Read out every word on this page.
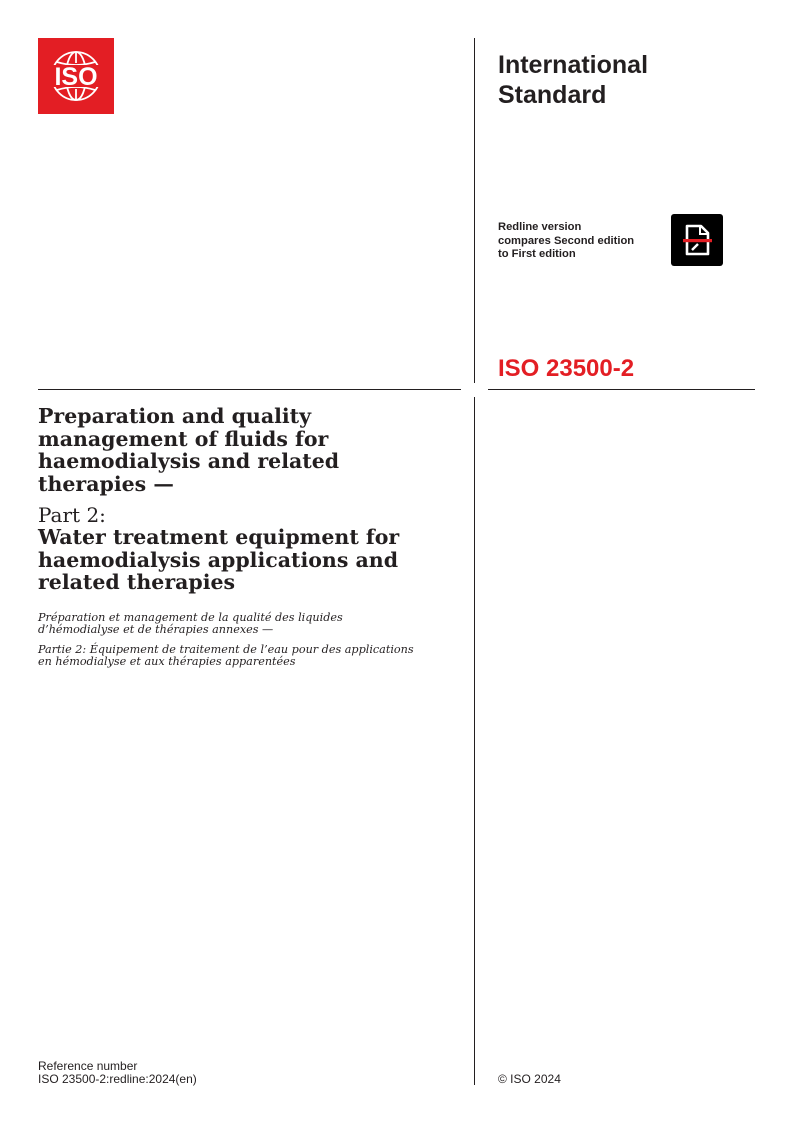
ISO	International
Standard
Redline version
compares Second edition
to First edition
ISO 23500-2
Preparation and quality
management of fluids for
haemodialysis and related
therapies —
Part 2:
Water treatment equipment for
haemodialysis applications and
related therapies
Préparation et management de la qualité des liquides
d’hémodialyse et de thérapies annexes —
Partie 2: Équipement de traitement de l’eau pour des applications
en hémodialyse et aux thérapies apparentées
Reference number
ISO 23500-2:redline:2024(en)	© ISO 2024
